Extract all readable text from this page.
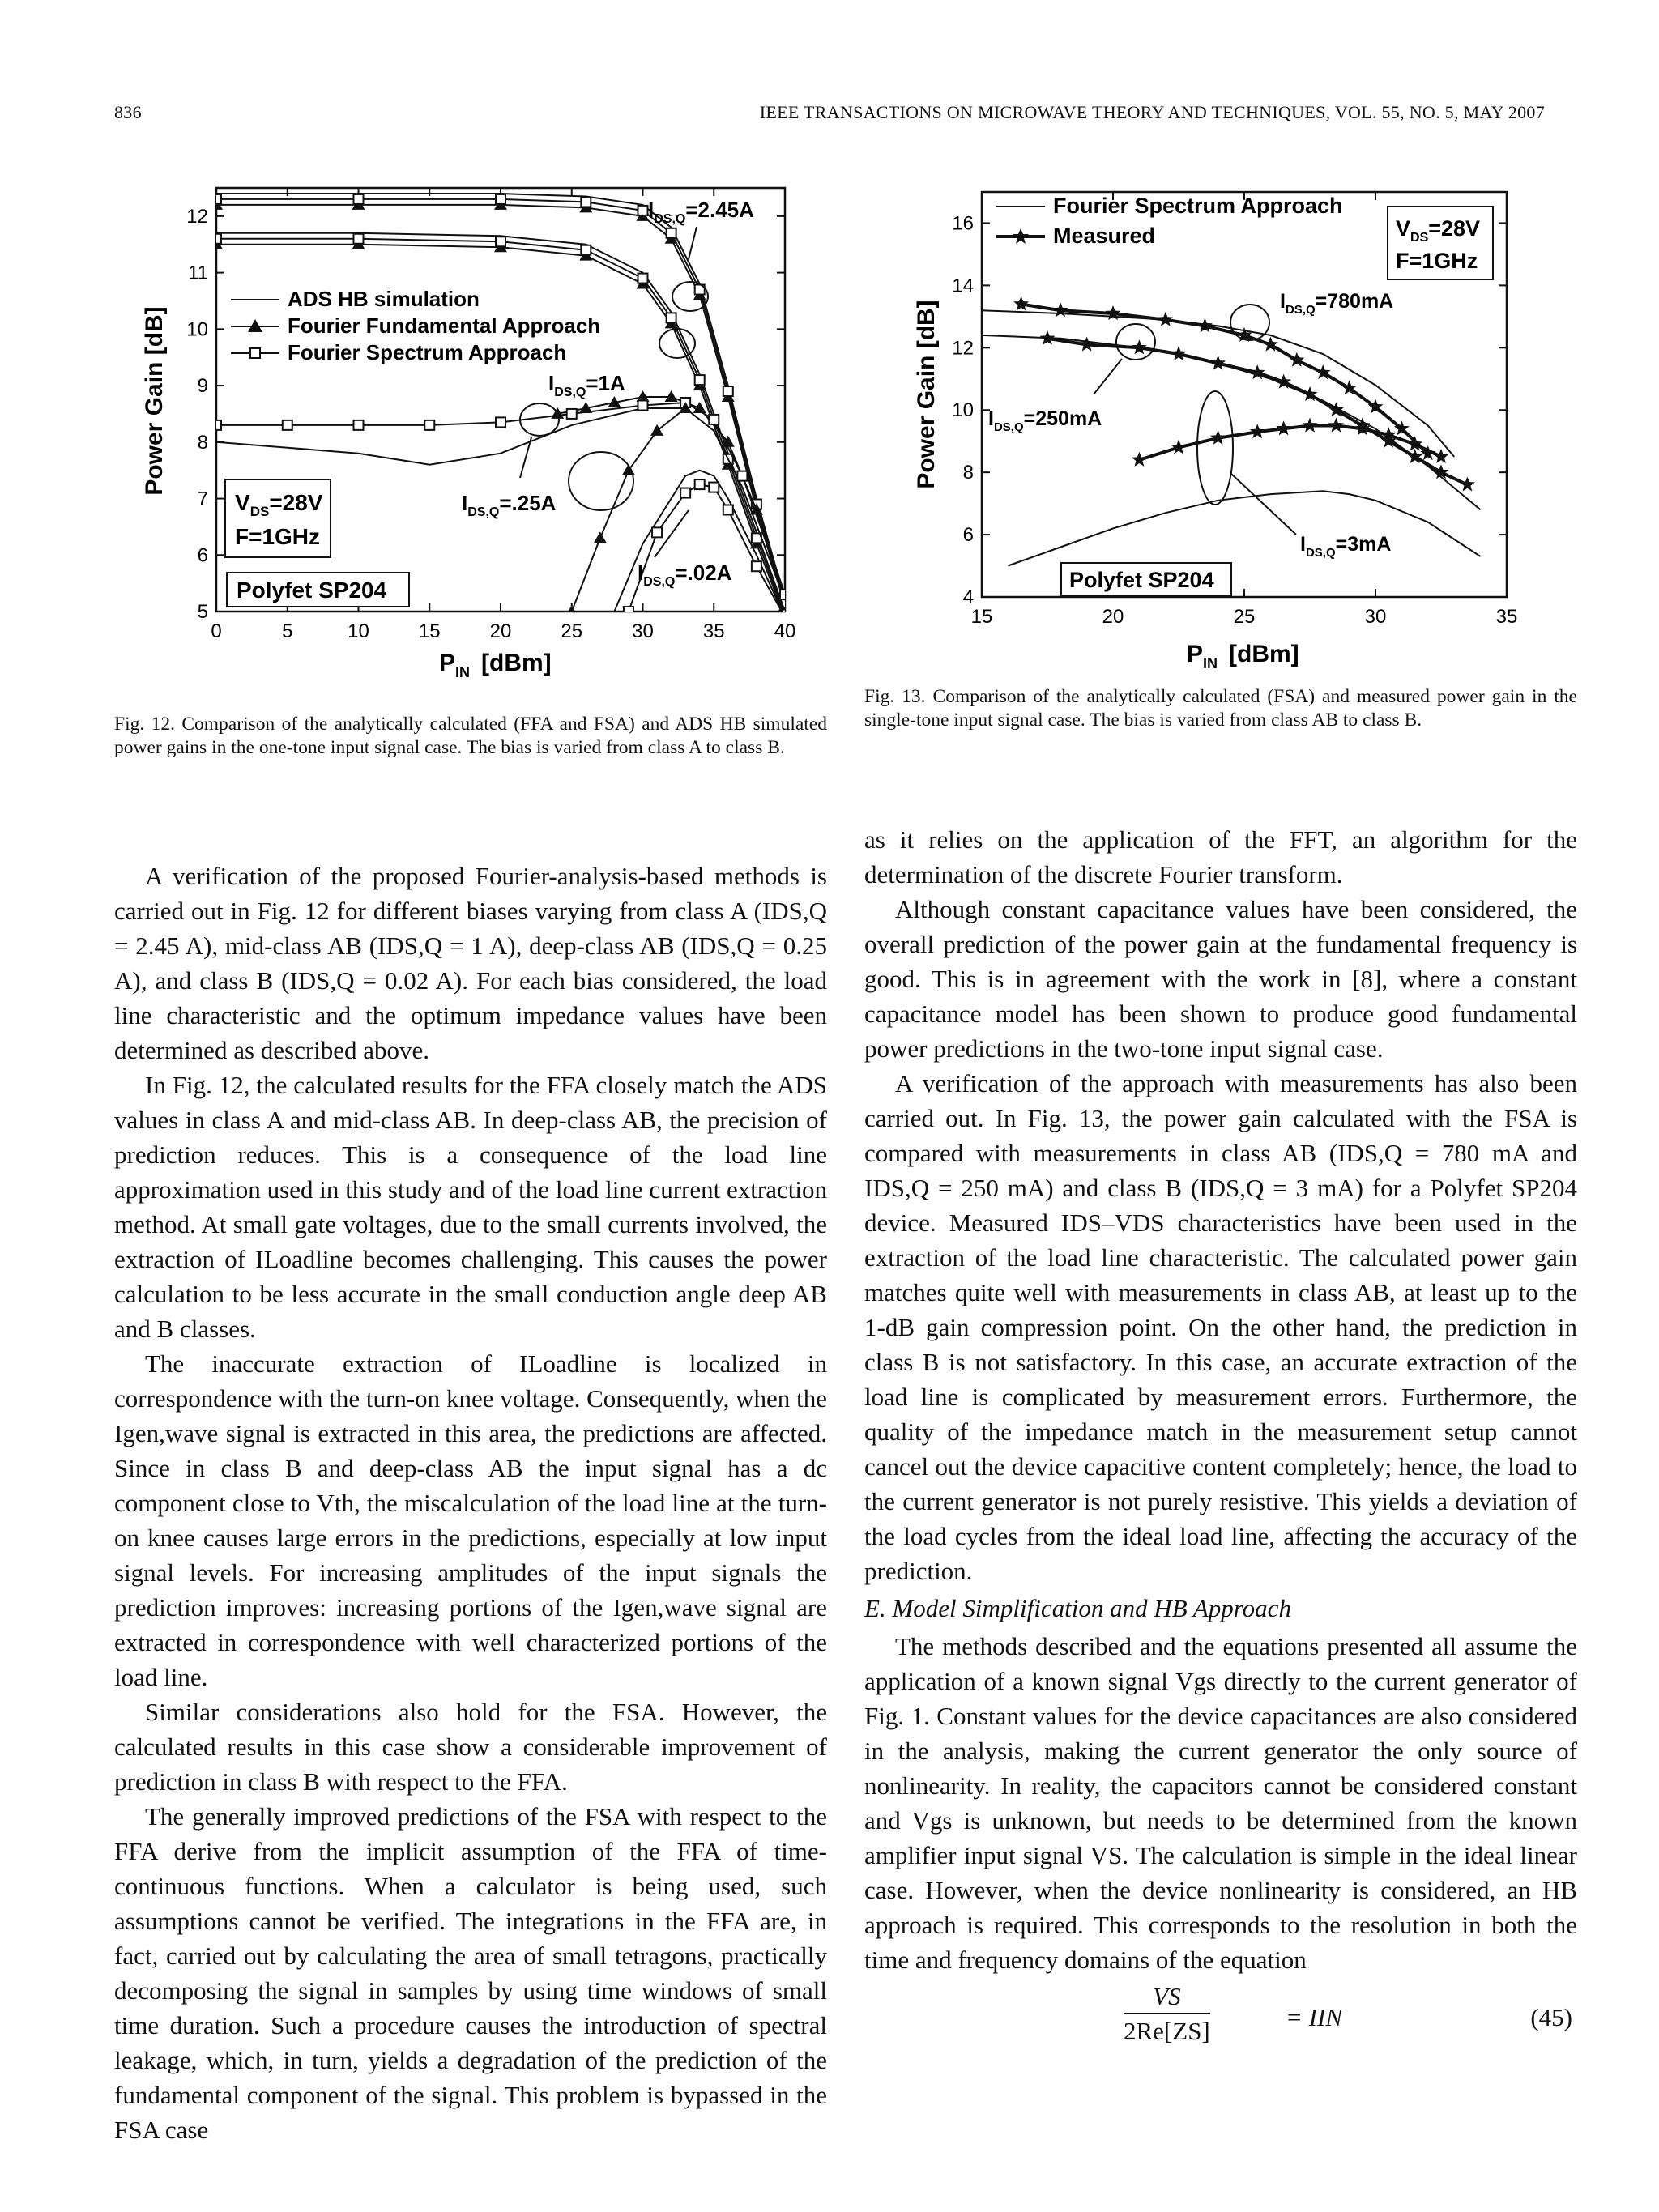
836	IEEE TRANSACTIONS ON MICROWAVE THEORY AND TECHNIQUES, VOL. 55, NO. 5, MAY 2007
0	5	10	15	20	25	30	35	40
5
6
7
8
9
10
11
12
ADS HB simulation
Fourier Fundamental Approach
Fourier Spectrum Approach
$V_{DS}=28V$
F=1GHz
Polyfet SP204
$I_{DS,Q}=2.45A$
$I_{DS,Q}=1A$
$I_{DS,Q}=.25A$
$I_{DS,Q}=.02A$
$P_{IN}$ [dBm]
Power Gain [dB]
Fig. 12. Comparison of the analytically calculated (FFA and FSA) and ADS HB simulated power gains in the one-tone input signal case. The bias is varied from class A to class B.
15	20	25	30	35
4
6
8
10
12
14
16
Fourier Spectrum Approach
Measured	$V_{DS}=28V$
F=1GHz
Polyfet SP204
$I_{DS,Q}=780mA$
$I_{DS,Q}=250mA$
$I_{DS,Q}=3mA$
$P_{IN}$ [dBm]
Power Gain [dB]
Fig. 13. Comparison of the analytically calculated (FSA) and measured power gain in the single-tone input signal case. The bias is varied from class AB to class B.

A verification of the proposed Fourier-analysis-based methods is carried out in Fig. 12 for different biases varying from class A (IDS,Q = 2.45 A), mid-class AB (IDS,Q = 1 A), deep-class AB (IDS,Q = 0.25 A), and class B (IDS,Q = 0.02 A). For each bias considered, the load line characteristic and the optimum impedance values have been determined as described above.

In Fig. 12, the calculated results for the FFA closely match the ADS values in class A and mid-class AB. In deep-class AB, the precision of prediction reduces. This is a consequence of the load line approximation used in this study and of the load line current extraction method. At small gate voltages, due to the small currents involved, the extraction of ILoadline becomes challenging. This causes the power calculation to be less accurate in the small conduction angle deep AB and B classes.

The inaccurate extraction of ILoadline is localized in correspondence with the turn-on knee voltage. Consequently, when the Igen,wave signal is extracted in this area, the predictions are affected. Since in class B and deep-class AB the input signal has a dc component close to Vth, the miscalculation of the load line at the turn-on knee causes large errors in the predictions, especially at low input signal levels. For increasing amplitudes of the input signals the prediction improves: increasing portions of the Igen,wave signal are extracted in correspondence with well characterized portions of the load line.

Similar considerations also hold for the FSA. However, the calculated results in this case show a considerable improvement of prediction in class B with respect to the FFA.

The generally improved predictions of the FSA with respect to the FFA derive from the implicit assumption of the FFA of time-continuous functions. When a calculator is being used, such assumptions cannot be verified. The integrations in the FFA are, in fact, carried out by calculating the area of small tetragons, practically decomposing the signal in samples by using time windows of small time duration. Such a procedure causes the introduction of spectral leakage, which, in turn, yields a degradation of the prediction of the fundamental component of the signal. This problem is bypassed in the FSA case

as it relies on the application of the FFT, an algorithm for the determination of the discrete Fourier transform.

Although constant capacitance values have been considered, the overall prediction of the power gain at the fundamental frequency is good. This is in agreement with the work in [8], where a constant capacitance model has been shown to produce good fundamental power predictions in the two-tone input signal case.

A verification of the approach with measurements has also been carried out. In Fig. 13, the power gain calculated with the FSA is compared with measurements in class AB (IDS,Q = 780 mA and IDS,Q = 250 mA) and class B (IDS,Q = 3 mA) for a Polyfet SP204 device. Measured IDS–VDS characteristics have been used in the extraction of the load line characteristic. The calculated power gain matches quite well with measurements in class AB, at least up to the 1-dB gain compression point. On the other hand, the prediction in class B is not satisfactory. In this case, an accurate extraction of the load line is complicated by measurement errors. Furthermore, the quality of the impedance match in the measurement setup cannot cancel out the device capacitive content completely; hence, the load to the current generator is not purely resistive. This yields a deviation of the load cycles from the ideal load line, affecting the accuracy of the prediction.

E. Model Simplification and HB Approach

The methods described and the equations presented all assume the application of a known signal Vgs directly to the current generator of Fig. 1. Constant values for the device capacitances are also considered in the analysis, making the current generator the only source of nonlinearity. In reality, the capacitors cannot be considered constant and Vgs is unknown, but needs to be determined from the known amplifier input signal VS. The calculation is simple in the ideal linear case. However, when the device nonlinearity is considered, an HB approach is required. This corresponds to the resolution in both the time and frequency domains of the equation

$\frac{VS}{2Re[ZS]}$	= IIN	(45)
